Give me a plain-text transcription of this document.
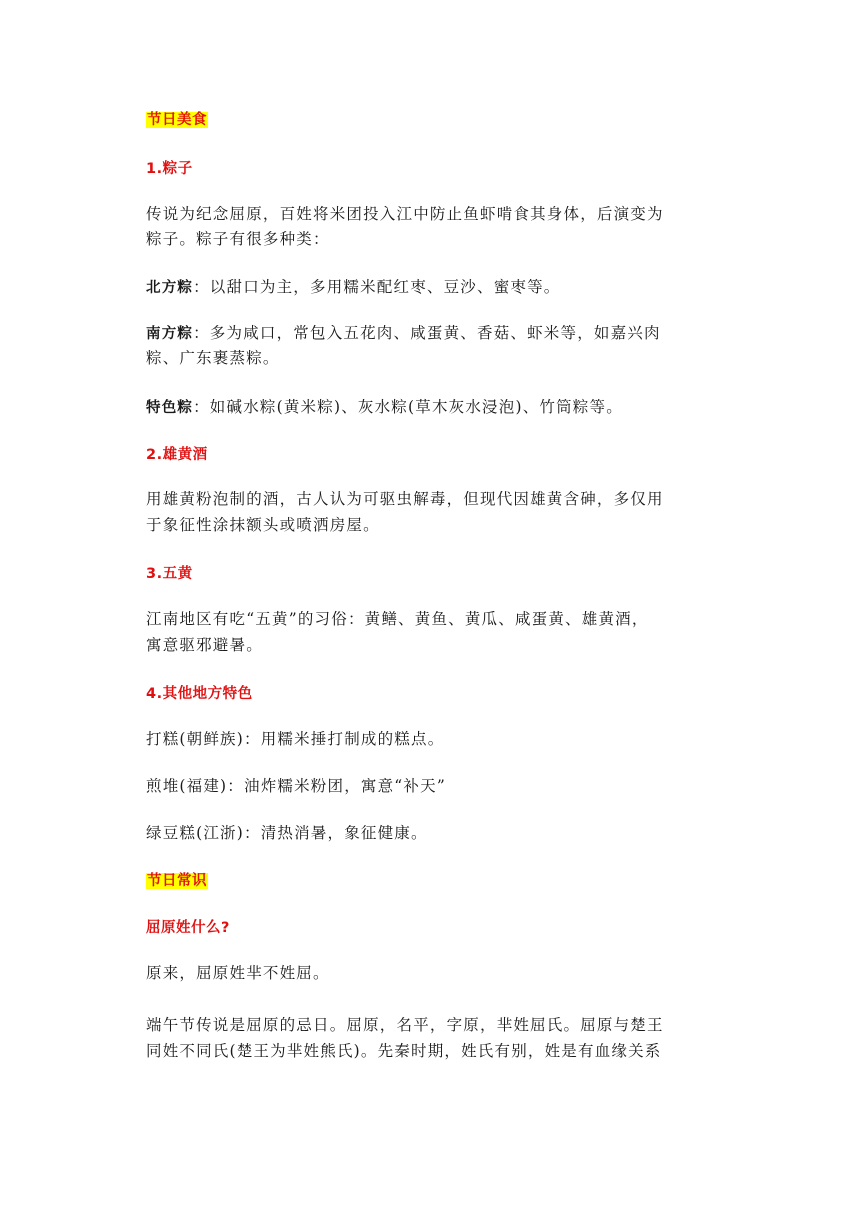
节日美食

1.粽子

传说为纪念屈原，百姓将米团投入江中防止鱼虾啃食其身体，后演变为

粽子。粽子有很多种类：

北方粽：以甜口为主，多用糯米配红枣、豆沙、蜜枣等。

南方粽：多为咸口，常包入五花肉、咸蛋黄、香菇、虾米等，如嘉兴肉

粽、广东裹蒸粽。

特色粽：如碱水粽(黄米粽)、灰水粽(草木灰水浸泡)、竹筒粽等。

2.雄黄酒

用雄黄粉泡制的酒，古人认为可驱虫解毒，但现代因雄黄含砷，多仅用

于象征性涂抹额头或喷洒房屋。

3.五黄

江南地区有吃“五黄”的习俗：黄鳝、黄鱼、黄瓜、咸蛋黄、雄黄酒，

寓意驱邪避暑。

4.其他地方特色

打糕(朝鲜族)：用糯米捶打制成的糕点。

煎堆(福建)：油炸糯米粉团，寓意“补天”

绿豆糕(江浙)：清热消暑，象征健康。

节日常识

屈原姓什么?

原来，屈原姓芈不姓屈。

端午节传说是屈原的忌日。屈原，名平，字原，芈姓屈氏。屈原与楚王

同姓不同氏(楚王为芈姓熊氏)。先秦时期，姓氏有别，姓是有血缘关系
